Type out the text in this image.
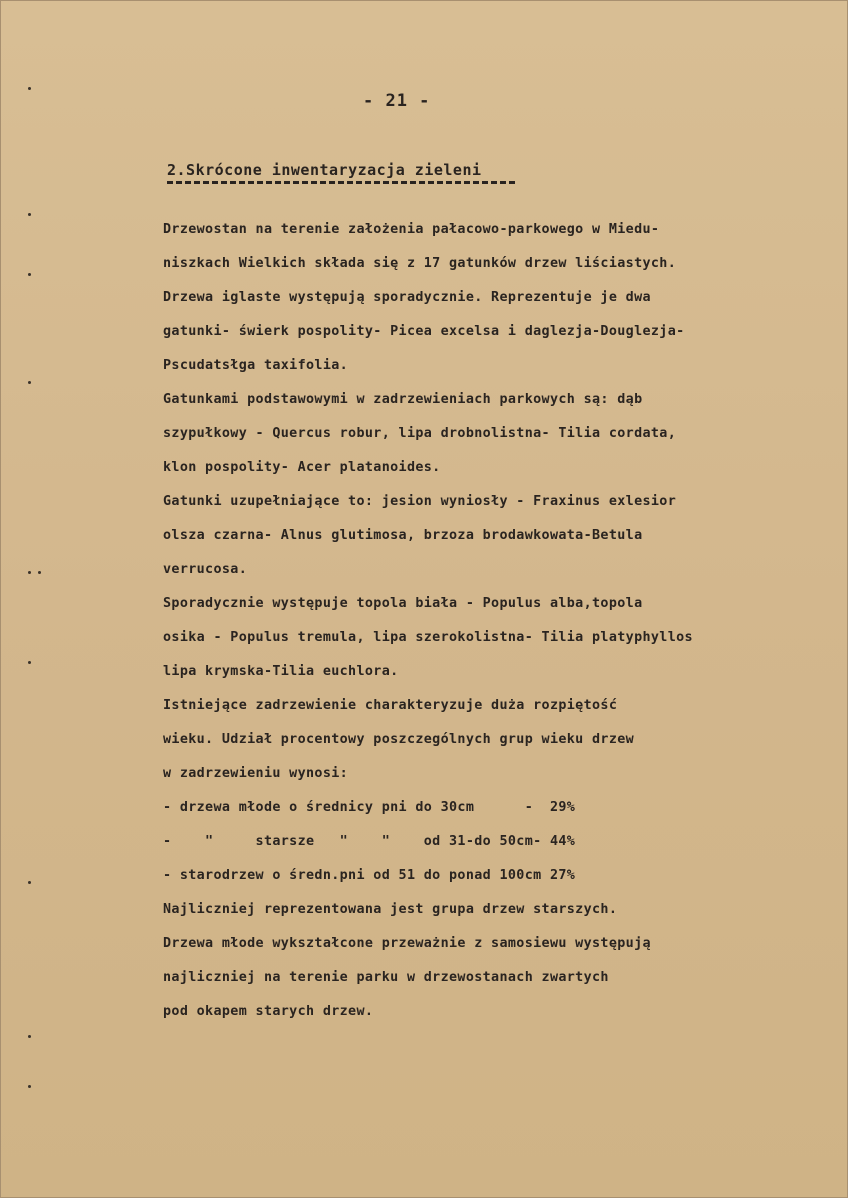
- 21 -
2.Skrócone inwentaryzacja zieleni
Drzewostan na terenie założenia pałacowo-parkowego w Miedu-
niszkach Wielkich składa się z 17 gatunków drzew liściastych.
Drzewa iglaste występują sporadycznie. Reprezentuje je dwa
gatunki- świerk pospolity- Picea excelsa i daglezja-Douglezja-
Pscudatsłga taxifolia.
Gatunkami podstawowymi w zadrzewieniach parkowych są: dąb
szypułkowy - Quercus robur, lipa drobnolistna- Tilia cordata,
klon pospolity- Acer platanoides.
Gatunki uzupełniające to: jesion wyniosły - Fraxinus exlesior
olsza czarna- Alnus glutimosa, brzoza brodawkowata-Betula
verrucosa.
Sporadycznie występuje topola biała - Populus alba,topola
osika - Populus tremula, lipa szerokolistna- Tilia platyphyllos
lipa krymska-Tilia euchlora.
Istniejące zadrzewienie charakteryzuje duża rozpiętość
wieku. Udział procentowy poszczególnych grup wieku drzew
w zadrzewieniu wynosi:
- drzewa młode o średnicy pni do 30cm      -  29%
-    "     starsze   "    "    od 31-do 50cm- 44%
- starodrzew o średn.pni od 51 do ponad 100cm 27%
Najliczniej reprezentowana jest grupa drzew starszych.
Drzewa młode wykształcone przeważnie z samosiewu występują
najliczniej na terenie parku w drzewostanach zwartych
pod okapem starych drzew.
